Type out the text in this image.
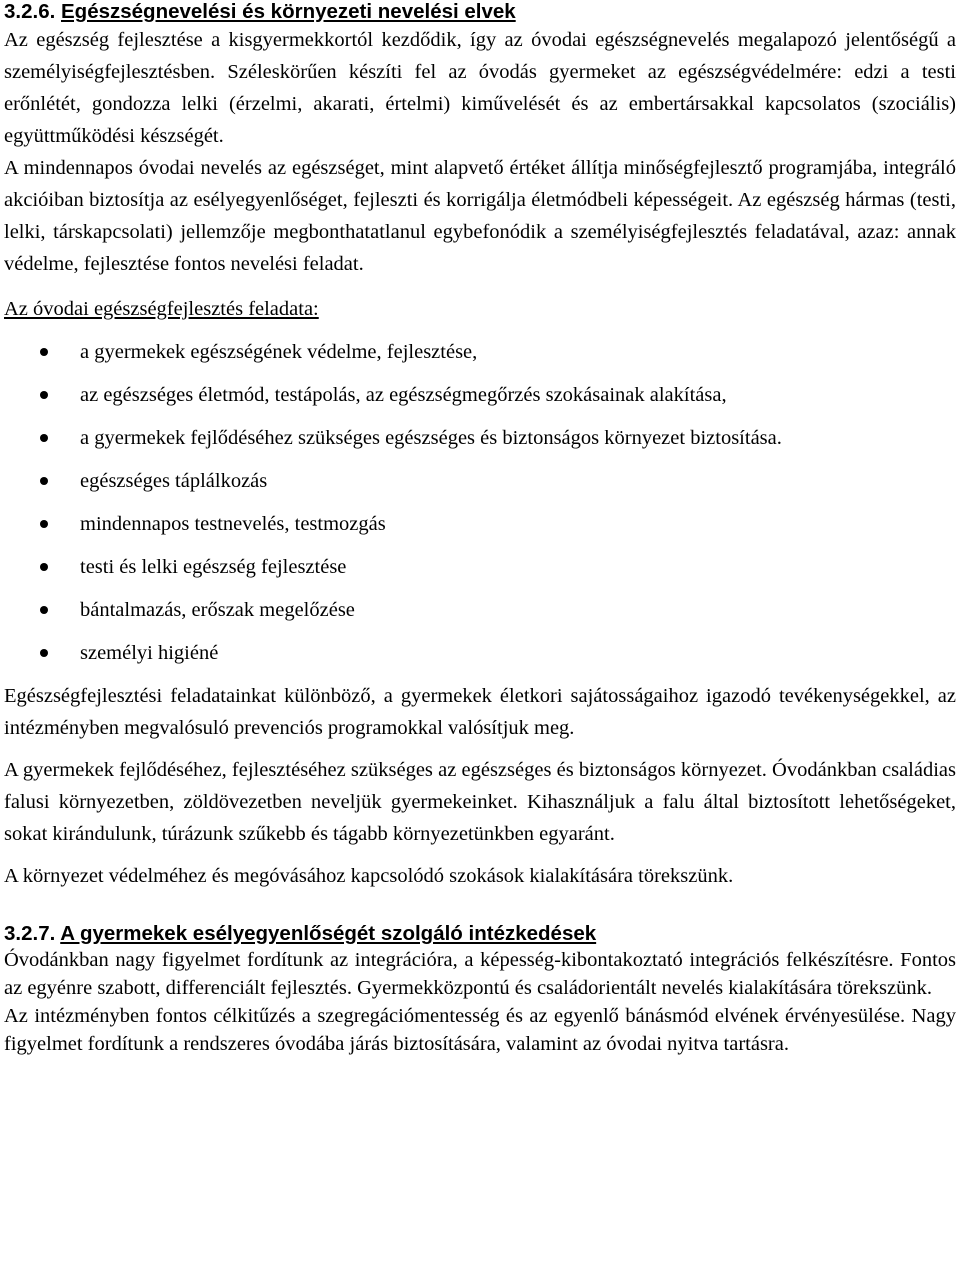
3.2.6. Egészségnevelési és környezeti nevelési elvek

Az egészség fejlesztése a kisgyermekkortól kezdődik, így az óvodai egészségnevelés megalapozó jelentőségű a személyiségfejlesztésben. Széleskörűen készíti fel az óvodás gyermeket az egészségvédelmére: edzi a testi erőnlétét, gondozza lelki (érzelmi, akarati, értelmi) kiművelését és az embertársakkal kapcsolatos (szociális) együttműködési készségét.

A mindennapos óvodai nevelés az egészséget, mint alapvető értéket állítja minőségfejlesztő programjába, integráló akcióiban biztosítja az esélyegyenlőséget, fejleszti és korrigálja életmódbeli képességeit. Az egészség hármas (testi, lelki, társkapcsolati) jellemzője megbonthatatlanul egybefonódik a személyiségfejlesztés feladatával, azaz: annak védelme, fejlesztése fontos nevelési feladat.

Az óvodai egészségfejlesztés feladata:

a gyermekek egészségének védelme, fejlesztése,
az egészséges életmód, testápolás, az egészségmegőrzés szokásainak alakítása,
a gyermekek fejlődéséhez szükséges egészséges és biztonságos környezet biztosítása.
egészséges táplálkozás
mindennapos testnevelés, testmozgás
testi és lelki egészség fejlesztése
bántalmazás, erőszak megelőzése
személyi higiéné

Egészségfejlesztési feladatainkat különböző, a gyermekek életkori sajátosságaihoz igazodó tevékenységekkel, az intézményben megvalósuló prevenciós programokkal valósítjuk meg.

A gyermekek fejlődéséhez, fejlesztéséhez szükséges az egészséges és biztonságos környezet. Óvodánkban családias falusi környezetben, zöldövezetben neveljük gyermekeinket. Kihasználjuk a falu által biztosított lehetőségeket, sokat kirándulunk, túrázunk szűkebb és tágabb környezetünkben egyaránt.

A környezet védelméhez és megóvásához kapcsolódó szokások kialakítására törekszünk.

3.2.7. A gyermekek esélyegyenlőségét szolgáló intézkedések

Óvodánkban nagy figyelmet fordítunk az integrációra, a képesség-kibontakoztató integrációs felkészítésre. Fontos az egyénre szabott, differenciált fejlesztés. Gyermekközpontú és családorientált nevelés kialakítására törekszünk.

Az intézményben fontos célkitűzés a szegregációmentesség és az egyenlő bánásmód elvének érvényesülése. Nagy figyelmet fordítunk a rendszeres óvodába járás biztosítására, valamint az óvodai nyitva tartásra.
